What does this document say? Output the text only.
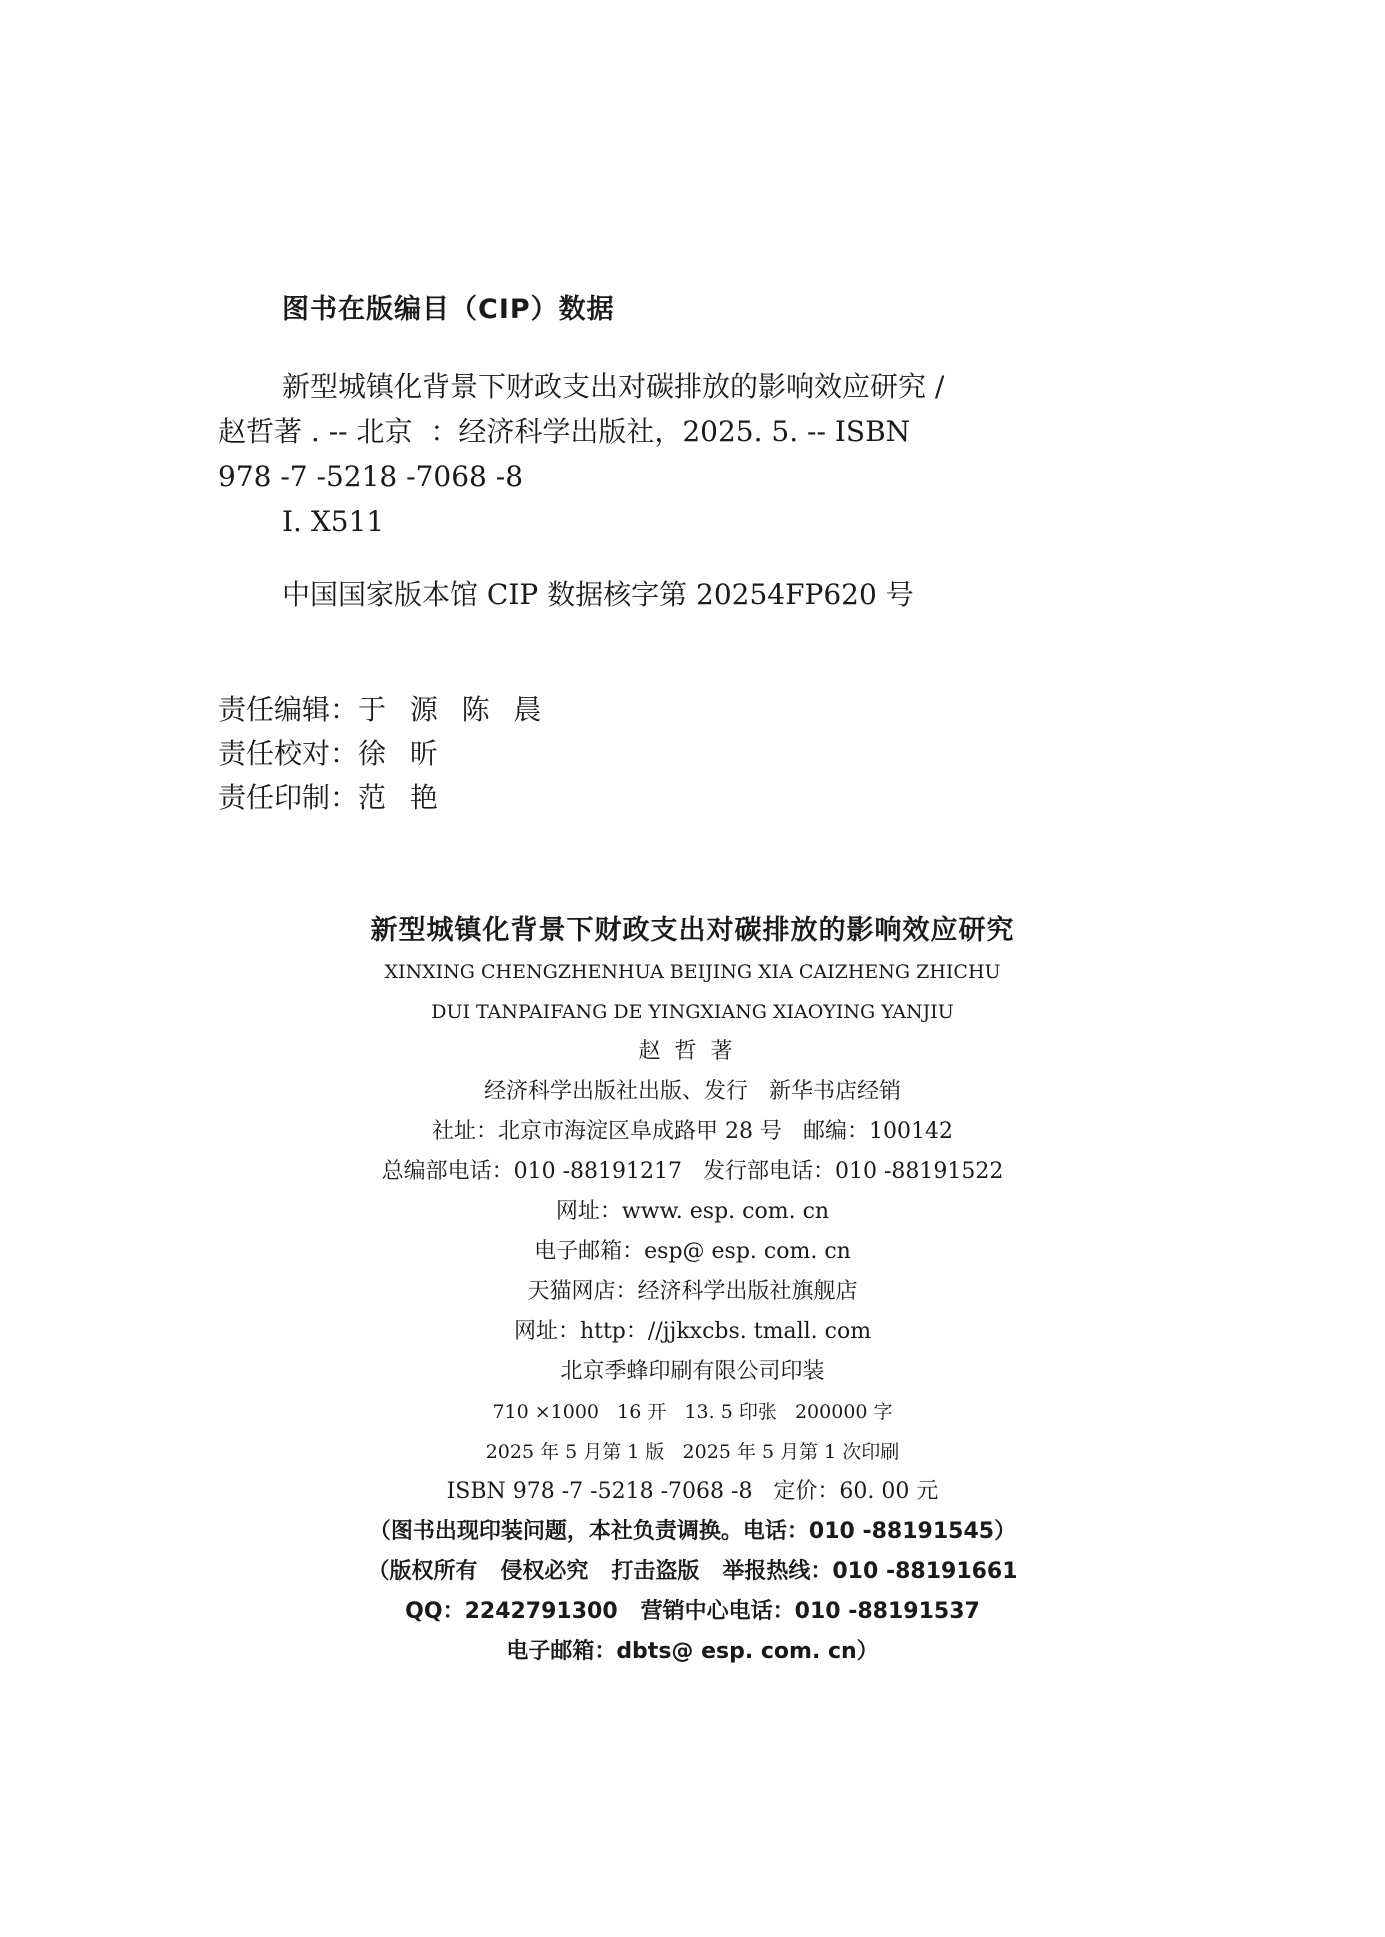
图书在版编目（CIP）数据
新型城镇化背景下财政支出对碳排放的影响效应研究 /
赵哲著 . -- 北京  ：经济科学出版社，2025. 5. -- ISBN
978 -7 -5218 -7068 -8
Ⅰ. X511
中国国家版本馆 CIP 数据核字第 20254FP620 号
责任编辑： 于  源  陈  晨
责任校对： 徐  昕
责任印制： 范  艳
新型城镇化背景下财政支出对碳排放的影响效应研究
XINXING CHENGZHENHUA BEIJING XIA CAIZHENG ZHICHU
DUI TANPAIFANG DE YINGXIANG XIAOYING YANJIU
赵哲著
经济科学出版社出版、发行   新华书店经销
社址：北京市海淀区阜成路甲 28 号   邮编：100142
总编部电话：010 -88191217   发行部电话：010 -88191522
网址：www. esp. com. cn
电子邮箱：esp@ esp. com. cn
天猫网店：经济科学出版社旗舰店
网址：http：//jjkxcbs. tmall. com
北京季蜂印刷有限公司印装
710 ×1000   16 开   13. 5 印张   200000 字
2025 年 5 月第 1 版   2025 年 5 月第 1 次印刷
ISBN 978 -7 -5218 -7068 -8   定价：60. 00 元
（图书出现印装问题，本社负责调换。电话：010 -88191545）
（版权所有   侵权必究   打击盗版   举报热线：010 -88191661
QQ：2242791300   营销中心电话：010 -88191537
电子邮箱：dbts@ esp. com. cn）
